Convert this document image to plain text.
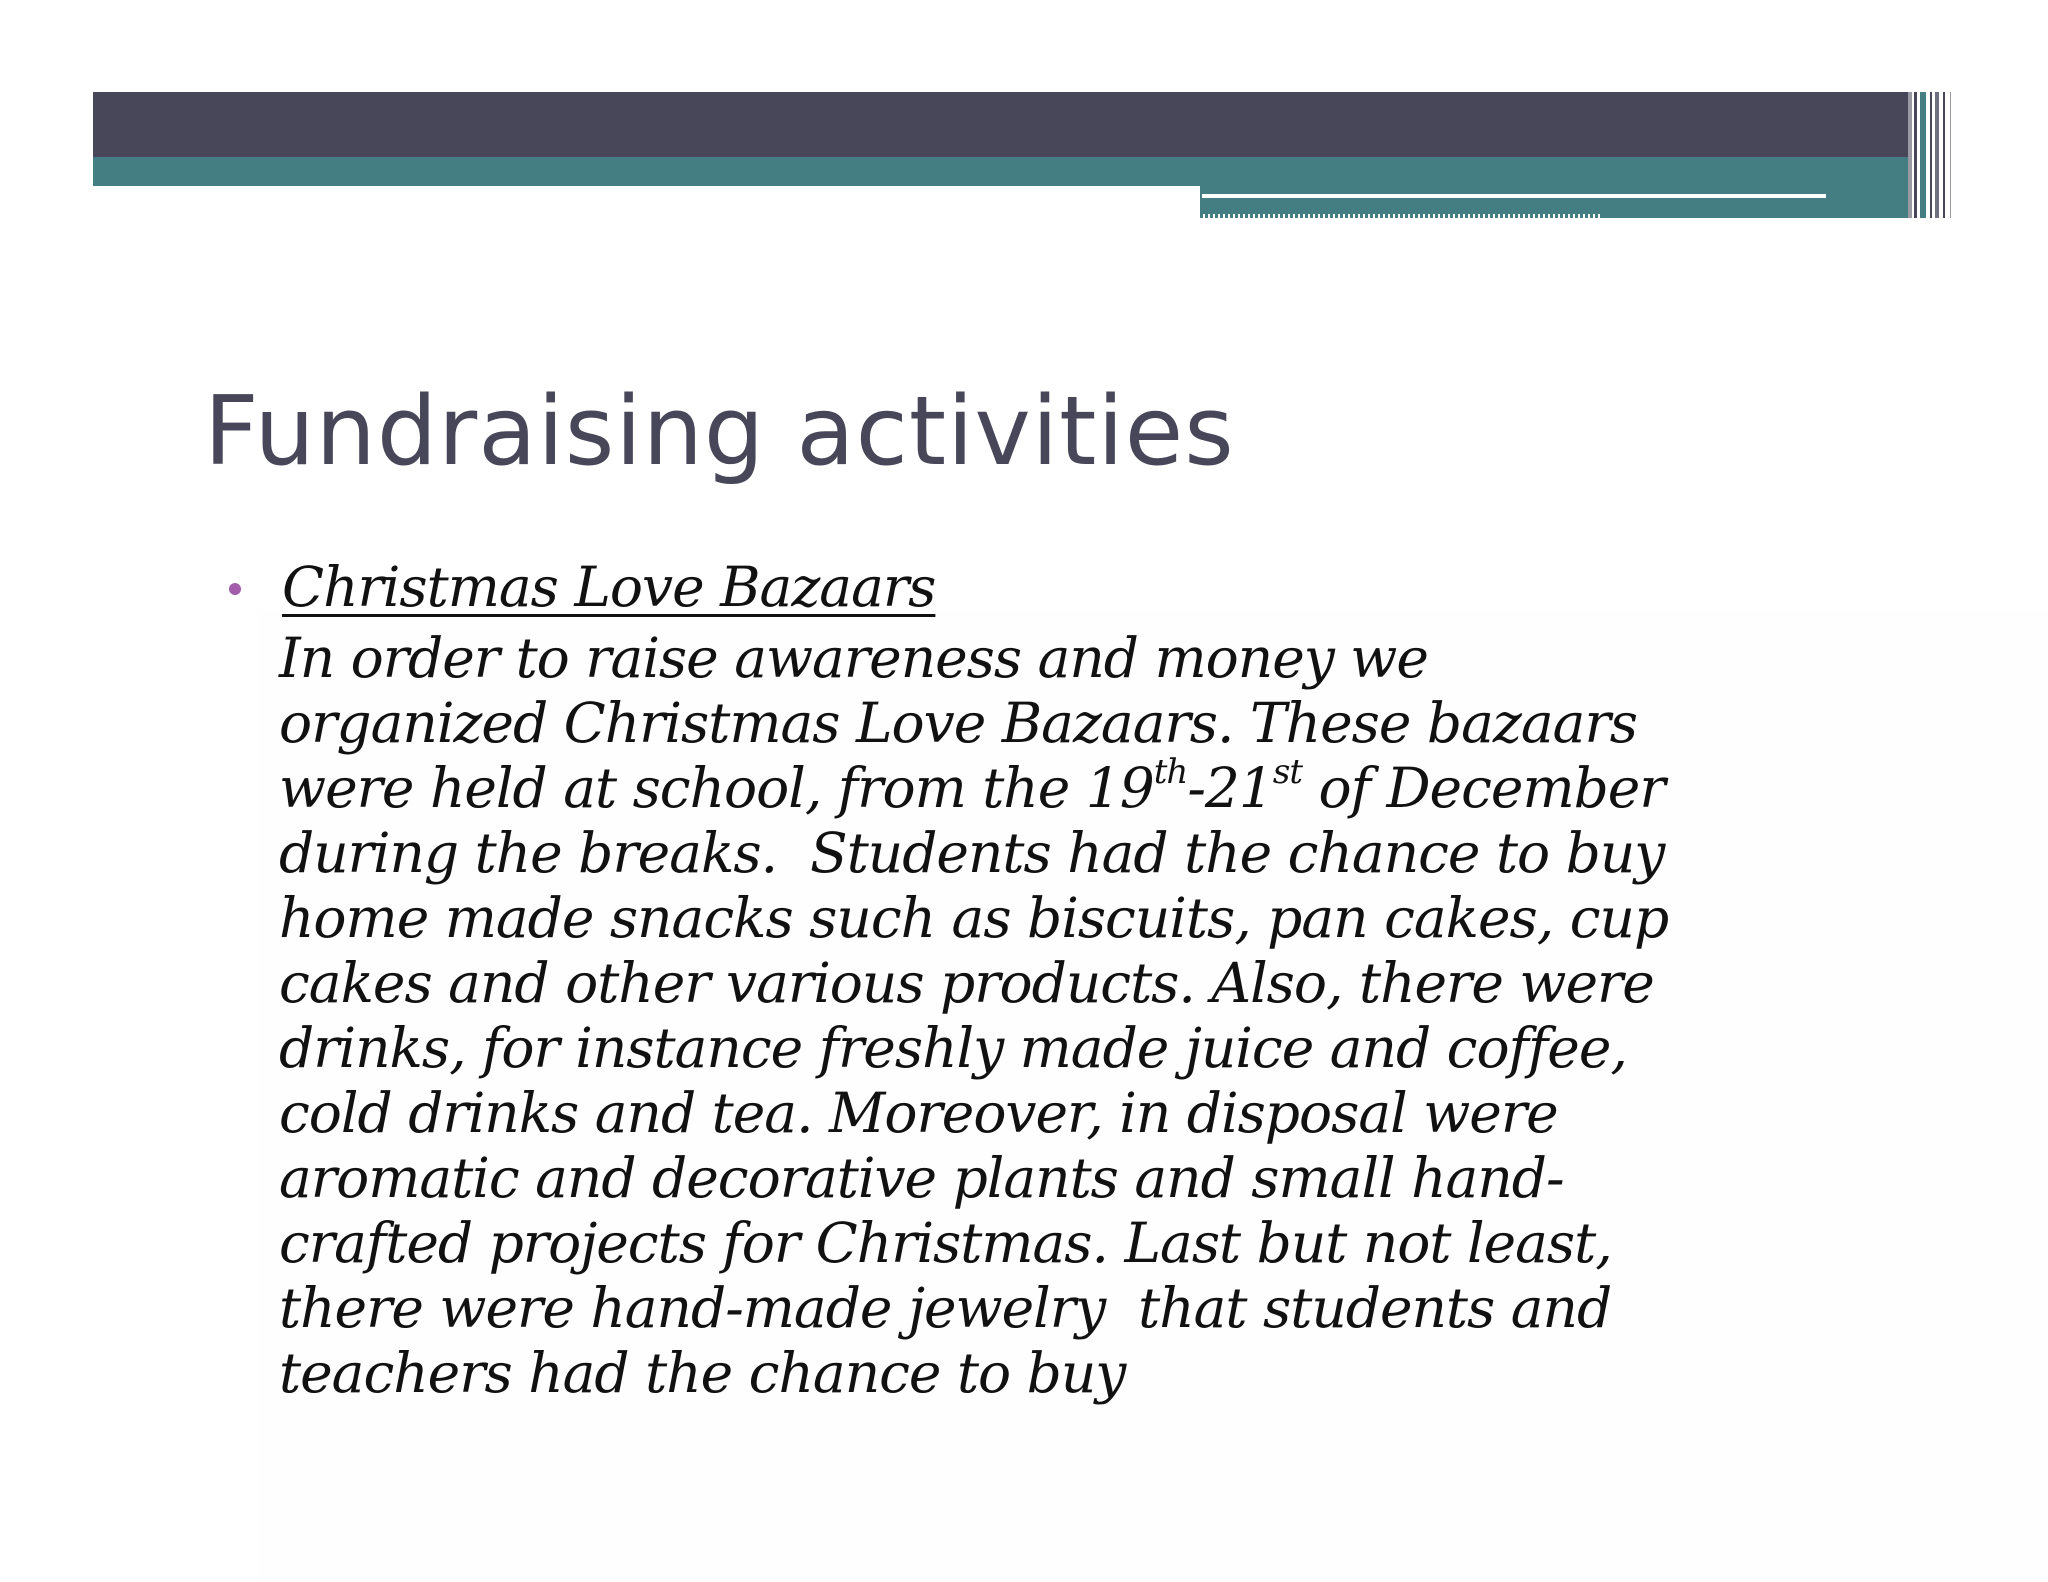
Fundraising activities
Christmas Love Bazaars
In order to raise awareness and money we
organized Christmas Love Bazaars. These bazaars
were held at school, from the 19th-21st of December
during the breaks.  Students had the chance to buy
home made snacks such as biscuits, pan cakes, cup
cakes and other various products. Also, there were
drinks, for instance freshly made juice and coffee,
cold drinks and tea. Moreover, in disposal were
aromatic and decorative plants and small hand-
crafted projects for Christmas. Last but not least,
there were hand-made jewelry  that students and
teachers had the chance to buy
